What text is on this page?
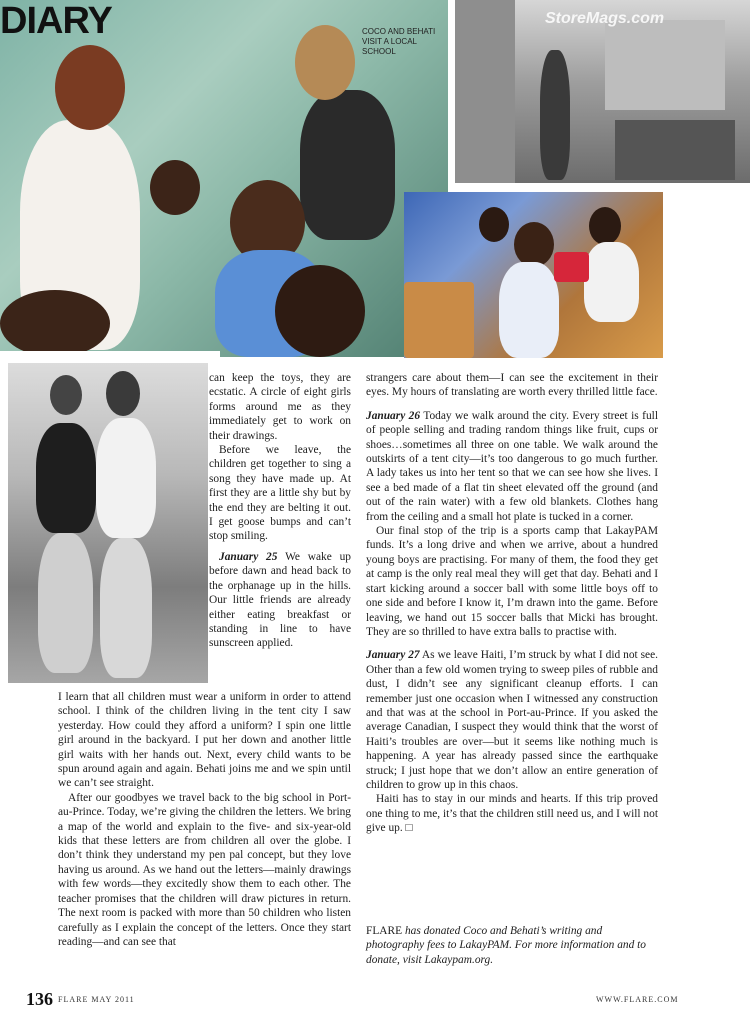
DIARY	COCO AND BEHATI VISIT A LOCAL SCHOOL
StoreMags.com

can keep the toys, they are ecstatic. A circle of eight girls forms around me as they immediately get to work on their drawings.

Before we leave, the children get together to sing a song they have made up. At first they are a little shy but by the end they are belting it out. I get goose bumps and can’t stop smiling.

January 25 We wake up before dawn and head back to the orphanage up in the hills. Our little friends are already either eating breakfast or standing in line to have sunscreen applied.

I learn that all children must wear a uniform in order to attend school. I think of the children living in the tent city I saw yesterday. How could they afford a uniform? I spin one little girl around in the backyard. I put her down and another little girl waits with her hands out. Next, every child wants to be spun around again and again. Behati joins me and we spin until we can’t see straight.

After our goodbyes we travel back to the big school in Port-au-Prince. Today, we’re giving the children the letters. We bring a map of the world and explain to the five- and six-year-old kids that these letters are from children all over the globe. I don’t think they understand my pen pal concept, but they love having us around. As we hand out the letters—mainly drawings with few words—they excitedly show them to each other. The teacher promises that the children will draw pictures in return. The next room is packed with more than 50 children who listen carefully as I explain the concept of the letters. Once they start reading—and can see that

strangers care about them—I can see the excitement in their eyes. My hours of translating are worth every thrilled little face.

January 26 Today we walk around the city. Every street is full of people selling and trading random things like fruit, cups or shoes…sometimes all three on one table. We walk around the outskirts of a tent city—it’s too dangerous to go much further. A lady takes us into her tent so that we can see how she lives. I see a bed made of a flat tin sheet elevated off the ground (and out of the rain water) with a few old blankets. Clothes hang from the ceiling and a small hot plate is tucked in a corner.

Our final stop of the trip is a sports camp that LakayPAM funds. It’s a long drive and when we arrive, about a hundred young boys are practising. For many of them, the food they get at camp is the only real meal they will get that day. Behati and I start kicking around a soccer ball with some little boys off to one side and before I know it, I’m drawn into the game. Before leaving, we hand out 15 soccer balls that Micki has brought. They are so thrilled to have extra balls to practise with.

January 27 As we leave Haiti, I’m struck by what I did not see. Other than a few old women trying to sweep piles of rubble and dust, I didn’t see any significant cleanup efforts. I can remember just one occasion when I witnessed any construction and that was at the school in Port-au-Prince. If you asked the average Canadian, I suspect they would think that the worst of Haiti’s troubles are over—but it seems like nothing much is happening. A year has already passed since the earthquake struck; I just hope that we don’t allow an entire generation of children to grow up in this chaos.

Haiti has to stay in our minds and hearts. If this trip proved one thing to me, it’s that the children still need us, and I will not give up. □

FLARE has donated Coco and Behati’s writing and photography fees to LakayPAM. For more information and to donate, visit Lakaypam.org.
136 FLARE MAY 2011	WWW.FLARE.COM
